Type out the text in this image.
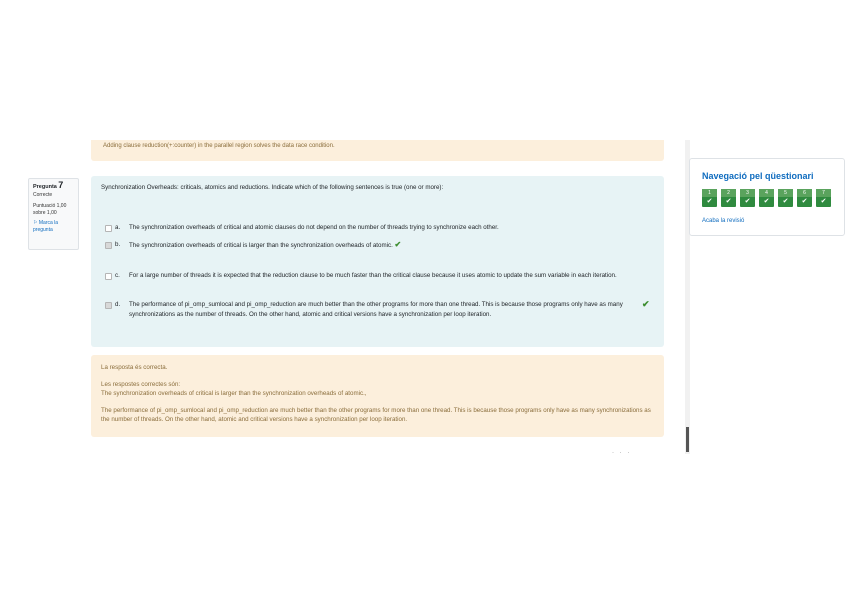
Adding clause reduction(+:counter) in the parallel region solves the data race condition.
Pregunta 7
Correcte
Puntuació 1,00 sobre 1,00
⚐ Marca la pregunta
Synchronization Overheads: criticals, atomics and reductions. Indicate which of the following sentences is true (one or more):
a. The synchronization overheads of critical and atomic clauses do not depend on the number of threads trying to synchronize each other.
b. The synchronization overheads of critical is larger than the synchronization overheads of atomic. ✔
c. For a large number of threads it is expected that the reduction clause to be much faster than the critical clause because it uses atomic to update the sum variable in each iteration.
d. The performance of pi_omp_sumlocal and pi_omp_reduction are much better than the other programs for more than one thread. This is because those programs only have as many synchronizations as the number of threads. On the other hand, atomic and critical versions have a synchronization per loop iteration.
✔

La resposta és correcta.

Les respostes correctes són:

The synchronization overheads of critical is larger than the synchronization overheads of atomic.,

The performance of pi_omp_sumlocal and pi_omp_reduction are much better than the other programs for more than one thread. This is because those programs only have as many synchronizations as the number of threads. On the other hand, atomic and critical versions have a synchronization per loop iteration.

· · ·
Navegació pel qüestionari
1
✔
2
✔
3
✔
4
✔
5
✔
6
✔
7
✔
Acaba la revisió
